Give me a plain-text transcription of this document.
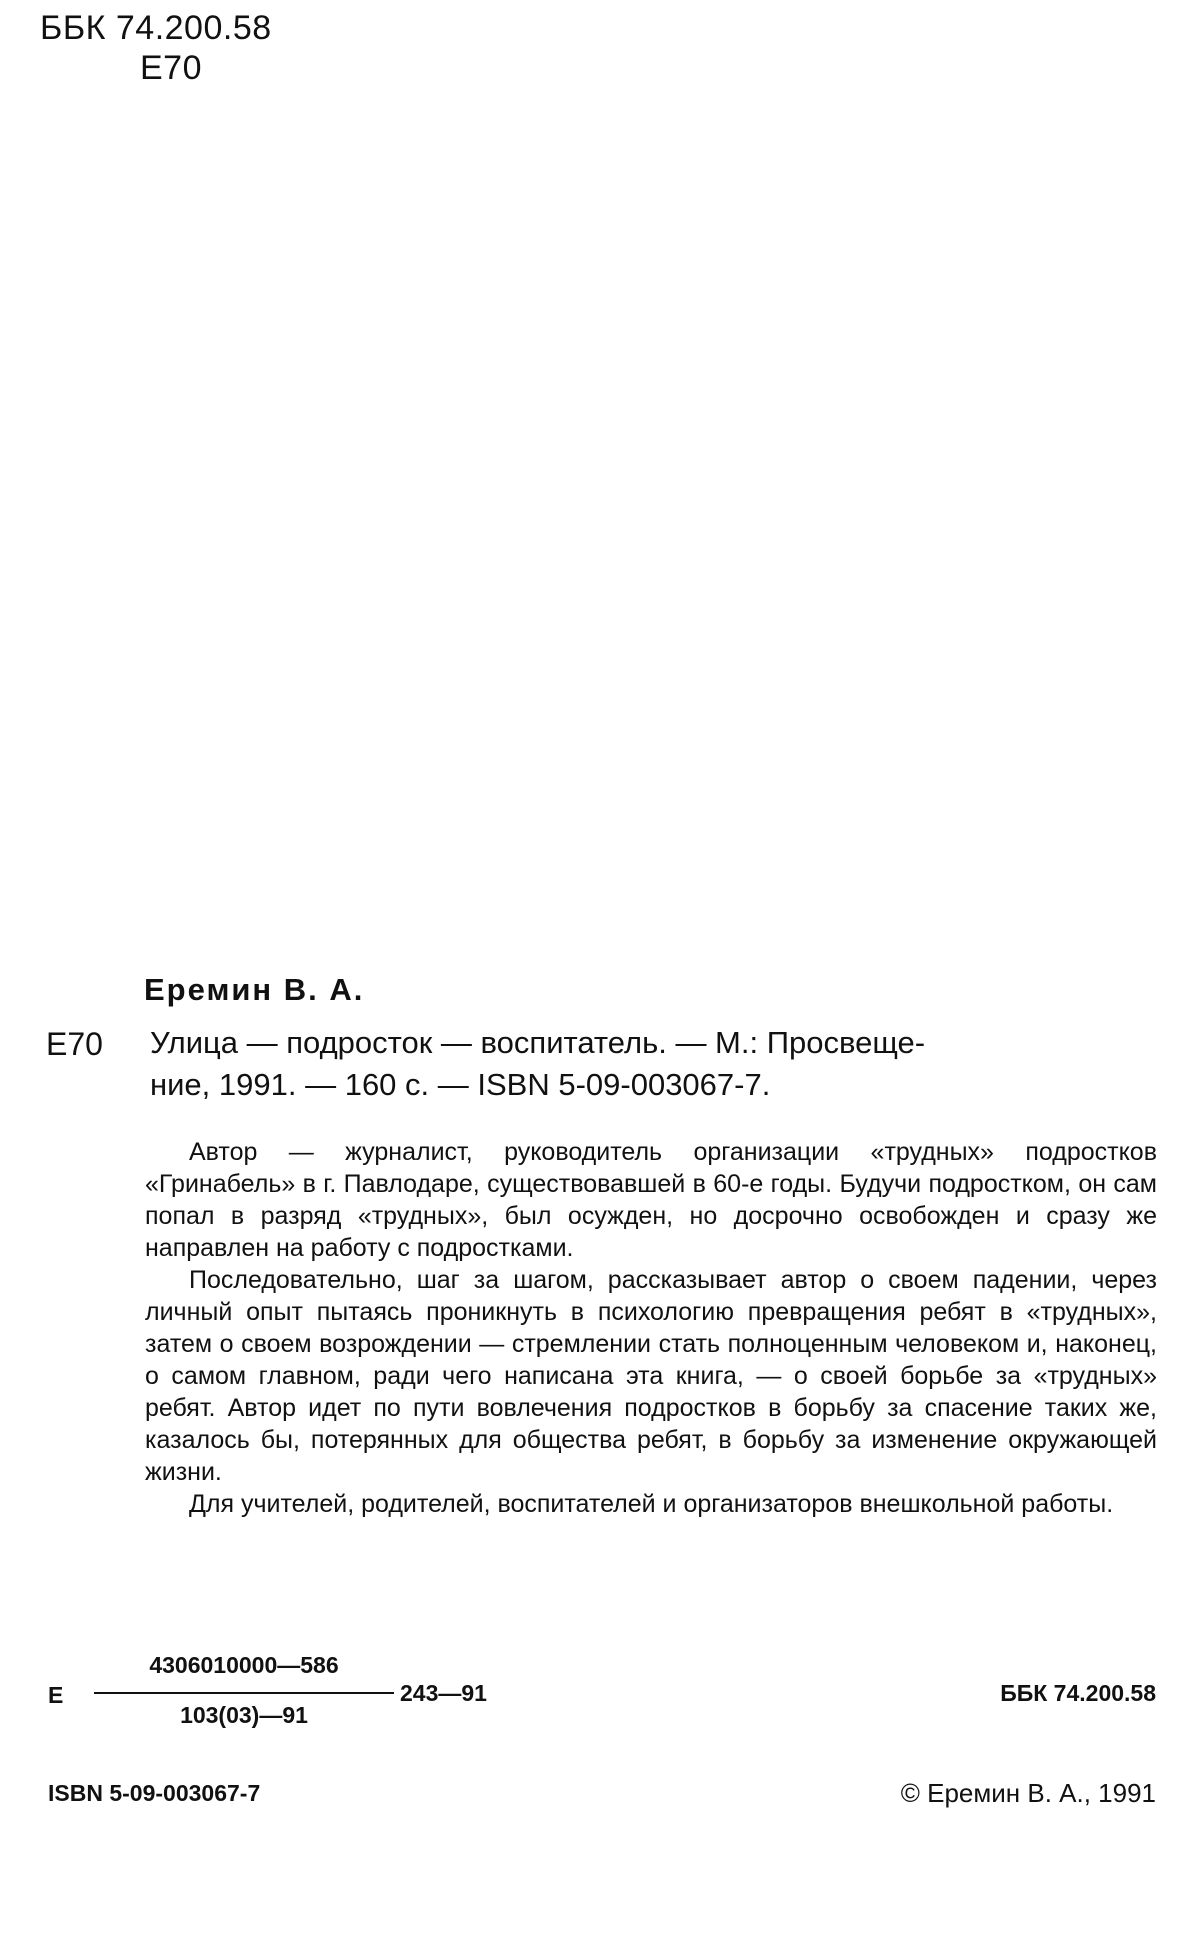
ББК 74.200.58
Е70
Еремин В. А.
Е70 Улица — подросток — воспитатель. — М.: Просвеще-
ние, 1991. — 160 с. — ISBN 5-09-003067-7.

Автор — журналист, руководитель организации «трудных» подростков «Гринабель» в г. Павлодаре, существовавшей в 60-е годы. Будучи подростком, он сам попал в разряд «трудных», был осужден, но досрочно освобожден и сразу же направлен на работу с подростками.

Последовательно, шаг за шагом, рассказывает автор о своем падении, через личный опыт пытаясь проникнуть в психологию превращения ребят в «трудных», затем о своем возрождении — стремлении стать полноценным человеком и, наконец, о самом главном, ради чего написана эта книга, — о своей борьбе за «трудных» ребят. Автор идет по пути вовлечения подростков в борьбу за спасение таких же, казалось бы, потерянных для общества ребят, в борьбу за изменение окружающей жизни.

Для учителей, родителей, воспитателей и организаторов внешкольной работы.

Е
4306010000—586
103(03)—91
243—91	ББК 74.200.58
ISBN 5-09-003067-7	© Еремин В. А., 1991
